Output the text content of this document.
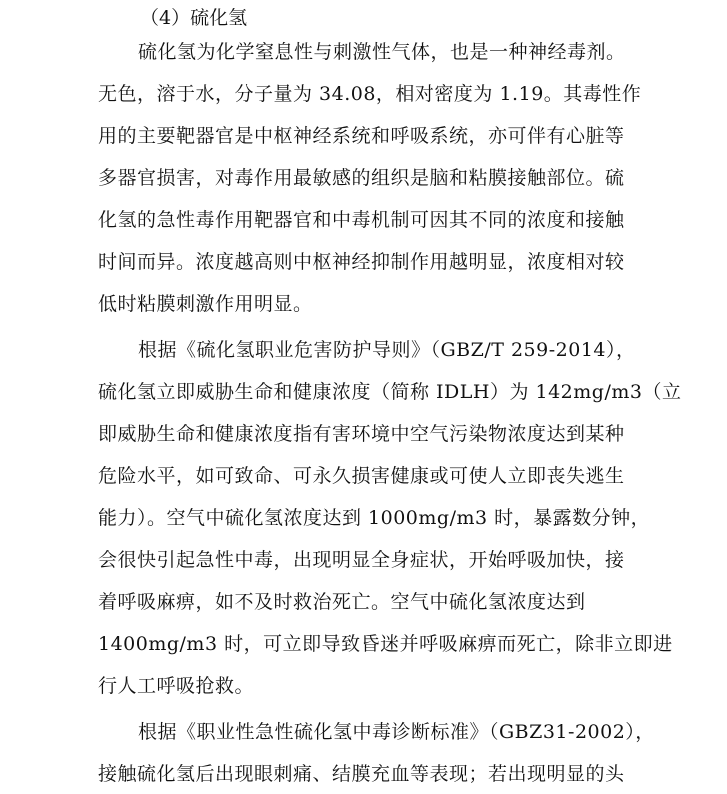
（4）硫化氢
硫化氢为化学窒息性与刺激性气体，也是一种神经毒剂。
无色，溶于水，分子量为 34.08，相对密度为 1.19。其毒性作
用的主要靶器官是中枢神经系统和呼吸系统，亦可伴有心脏等
多器官损害，对毒作用最敏感的组织是脑和粘膜接触部位。硫
化氢的急性毒作用靶器官和中毒机制可因其不同的浓度和接触
时间而异。浓度越高则中枢神经抑制作用越明显，浓度相对较
低时粘膜刺激作用明显。
根据《硫化氢职业危害防护导则》（GBZ/T 259-2014），
硫化氢立即威胁生命和健康浓度（简称 IDLH）为 142mg/m3（立
即威胁生命和健康浓度指有害环境中空气污染物浓度达到某种
危险水平，如可致命、可永久损害健康或可使人立即丧失逃生
能力）。空气中硫化氢浓度达到 1000mg/m3 时，暴露数分钟，
会很快引起急性中毒，出现明显全身症状，开始呼吸加快，接
着呼吸麻痹，如不及时救治死亡。空气中硫化氢浓度达到
1400mg/m3 时，可立即导致昏迷并呼吸麻痹而死亡，除非立即进
行人工呼吸抢救。
根据《职业性急性硫化氢中毒诊断标准》（GBZ31-2002），
接触硫化氢后出现眼刺痛、结膜充血等表现；若出现明显的头
